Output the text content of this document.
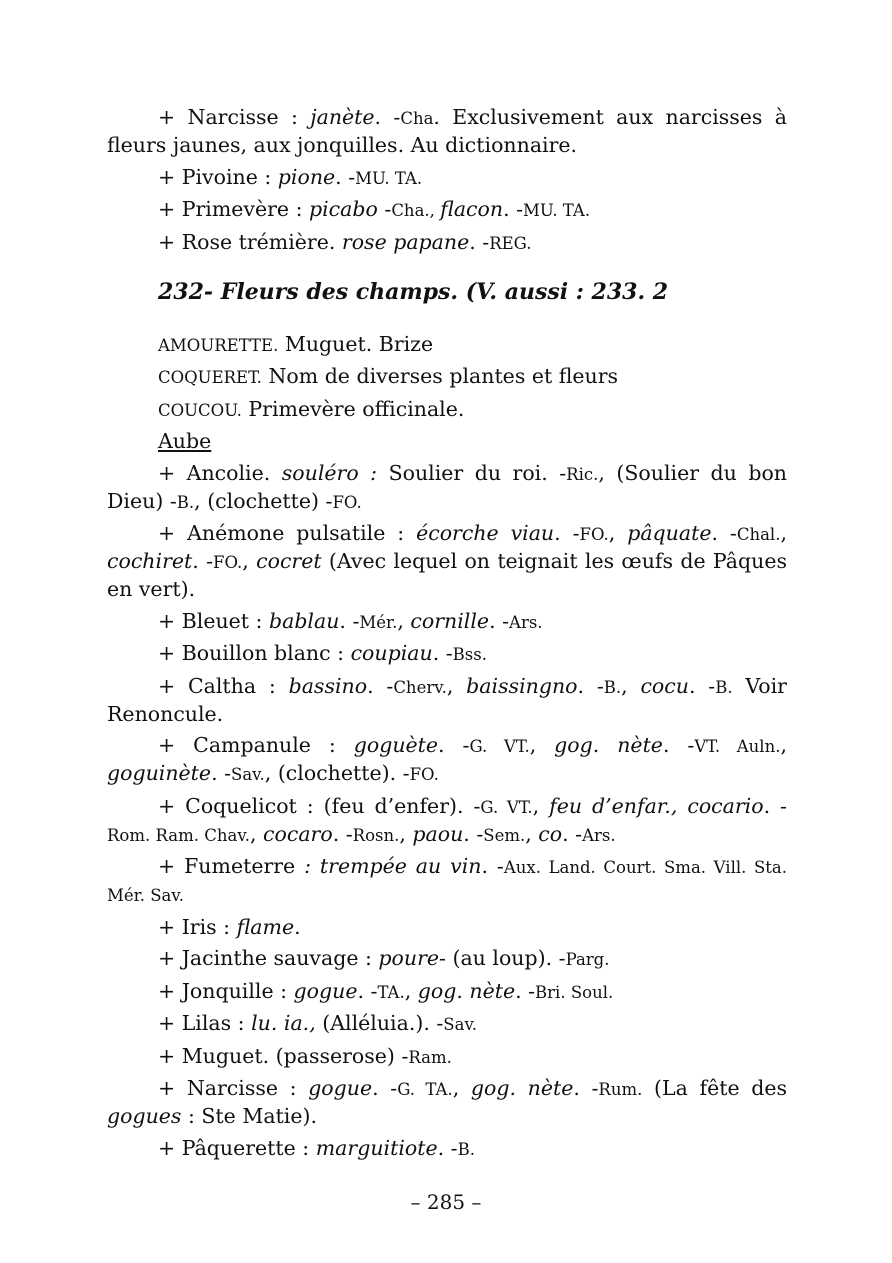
+ Narcisse : janète. -Cha. Exclusivement aux narcisses à fleurs jaunes, aux jonquilles. Au dictionnaire.

+ Pivoine : pione. -MU. TA.

+ Primevère : picabo -Cha., flacon. -MU. TA.

+ Rose trémière. rose papane. -REG.

232- Fleurs des champs. (V. aussi : 233. 2

AMOURETTE. Muguet. Brize

COQUERET. Nom de diverses plantes et fleurs

COUCOU. Primevère officinale.

Aube

+ Ancolie. souléro : Soulier du roi. -Ric., (Soulier du bon Dieu) -B., (clochette) -FO.

+ Anémone pulsatile : écorche viau. -FO., pâquate. -Chal., cochiret. -FO., cocret (Avec lequel on teignait les œufs de Pâques en vert).

+ Bleuet : bablau. -Mér., cornille. -Ars.

+ Bouillon blanc : coupiau. -Bss.

+ Caltha : bassino. -Cherv., baissingno. -B., cocu. -B. Voir Renoncule.

+ Campanule : goguète. -G. VT., gog. nète. -VT. Auln., goguinète. -Sav., (clochette). -FO.

+ Coquelicot : (feu d’enfer). -G. VT., feu d’enfar., cocario. -Rom. Ram. Chav., cocaro. -Rosn., paou. -Sem., co. -Ars.

+ Fumeterre : trempée au vin. -Aux. Land. Court. Sma. Vill. Sta. Mér. Sav.

+ Iris : flame.

+ Jacinthe sauvage : poure- (au loup). -Parg.

+ Jonquille : gogue. -TA., gog. nète. -Bri. Soul.

+ Lilas : lu. ia., (Alléluia.). -Sav.

+ Muguet. (passerose) -Ram.

+ Narcisse : gogue. -G. TA., gog. nète. -Rum. (La fête des gogues : Ste Matie).

+ Pâquerette : marguitiote. -B.

– 285 –
